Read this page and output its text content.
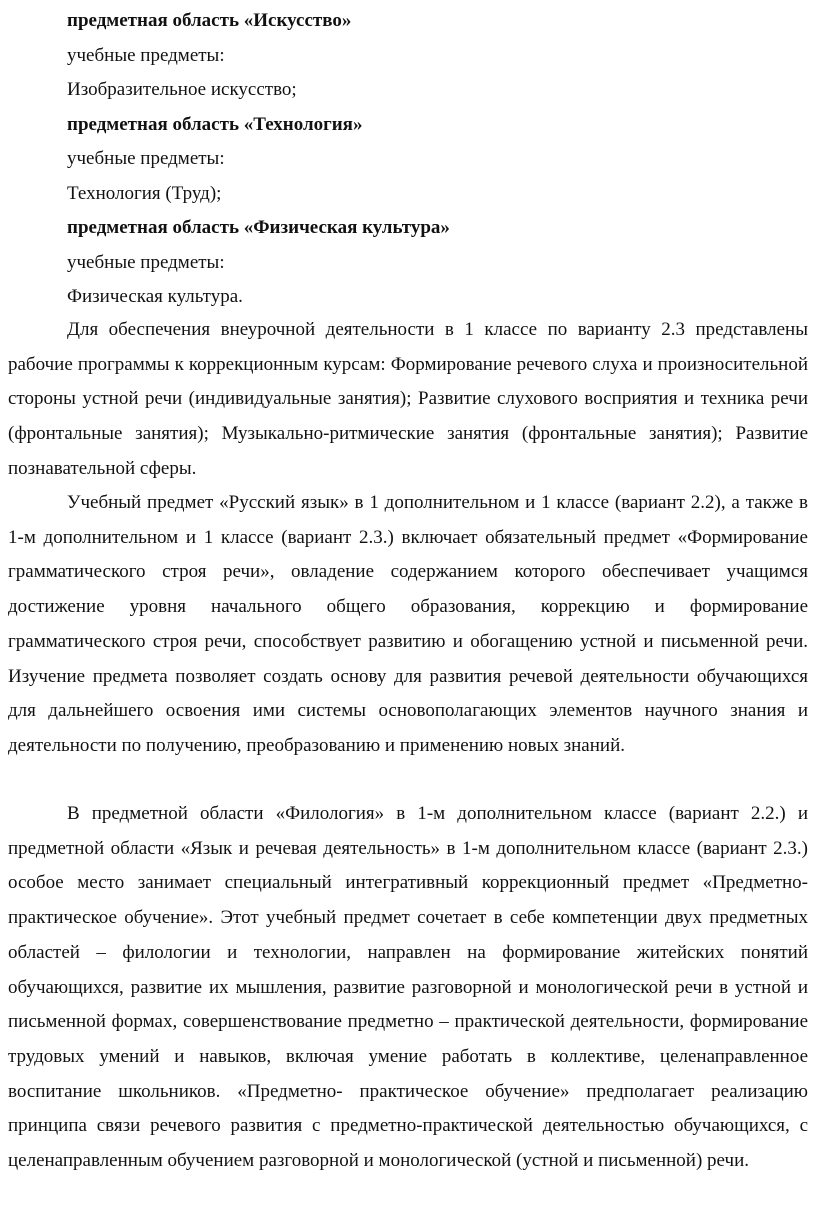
предметная область «Искусство»
учебные предметы:
Изобразительное искусство;
предметная область «Технология»
учебные предметы:
Технология (Труд);
предметная область «Физическая культура»
учебные предметы:
Физическая культура.

Для обеспечения внеурочной деятельности в 1 классе по варианту 2.3 представлены рабочие программы к коррекционным курсам: Формирование речевого слуха и произносительной стороны устной речи (индивидуальные занятия); Развитие слухового восприятия и техника речи (фронтальные занятия); Музыкально-ритмические занятия (фронтальные занятия); Развитие познавательной сферы.

Учебный предмет «Русский язык» в 1 дополнительном и 1 классе (вариант 2.2), а также в 1-м дополнительном и 1 классе (вариант 2.3.) включает обязательный предмет «Формирование грамматического строя речи», овладение содержанием которого обеспечивает учащимся достижение уровня начального общего образования, коррекцию и формирование грамматического строя речи, способствует развитию и обогащению устной и письменной речи. Изучение предмета позволяет создать основу для развития речевой деятельности обучающихся для дальнейшего освоения ими системы основополагающих элементов научного знания и деятельности по получению, преобразованию и применению новых знаний.

В предметной области «Филология» в 1-м дополнительном классе (вариант 2.2.) и предметной области «Язык и речевая деятельность» в 1-м дополнительном классе (вариант 2.3.) особое место занимает специальный интегративный коррекционный предмет «Предметно-практическое обучение». Этот учебный предмет сочетает в себе компетенции двух предметных областей – филологии и технологии, направлен на формирование житейских понятий обучающихся, развитие их мышления, развитие разговорной и монологической речи в устной и письменной формах, совершенствование предметно – практической деятельности, формирование трудовых умений и навыков, включая умение работать в коллективе, целенаправленное воспитание школьников. «Предметно- практическое обучение» предполагает реализацию принципа связи речевого развития с предметно-практической деятельностью обучающихся, с целенаправленным обучением разговорной и монологической (устной и письменной) речи.
